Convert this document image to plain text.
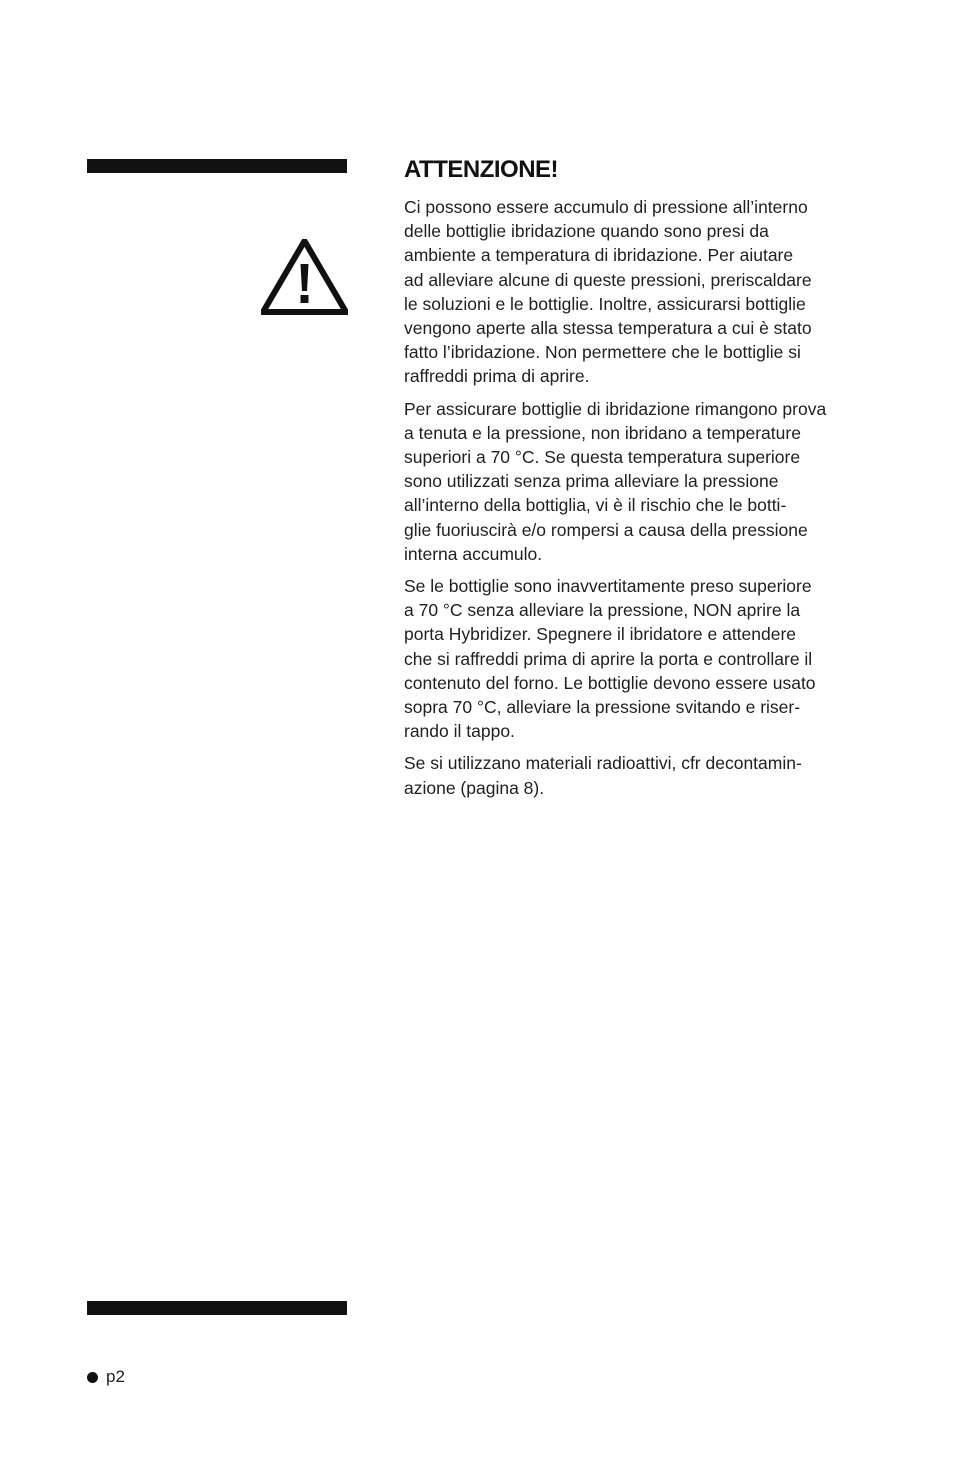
ATTENZIONE!

Ci possono essere accumulo di pressione all’interno
delle bottiglie ibridazione quando sono presi da
ambiente a temperatura di ibridazione. Per aiutare
ad alleviare alcune di queste pressioni, preriscaldare
le soluzioni e le bottiglie. Inoltre, assicurarsi bottiglie
vengono aperte alla stessa temperatura a cui è stato
fatto l’ibridazione. Non permettere che le bottiglie si
raffreddi prima di aprire.

Per assicurare bottiglie di ibridazione rimangono prova
a tenuta e la pressione, non ibridano a temperature
superiori a 70 °C. Se questa temperatura superiore
sono utilizzati senza prima alleviare la pressione
all’interno della bottiglia, vi è il rischio che le botti-
glie fuoriuscirà e/o rompersi a causa della pressione
interna accumulo.

Se le bottiglie sono inavvertitamente preso superiore
a 70 °C senza alleviare la pressione, NON aprire la
porta Hybridizer. Spegnere il ibridatore e attendere
che si raffreddi prima di aprire la porta e controllare il
contenuto del forno. Le bottiglie devono essere usato
sopra 70 °C, alleviare la pressione svitando e riser-
rando il tappo.

Se si utilizzano materiali radioattivi, cfr decontamin-
azione (pagina 8).

p2
